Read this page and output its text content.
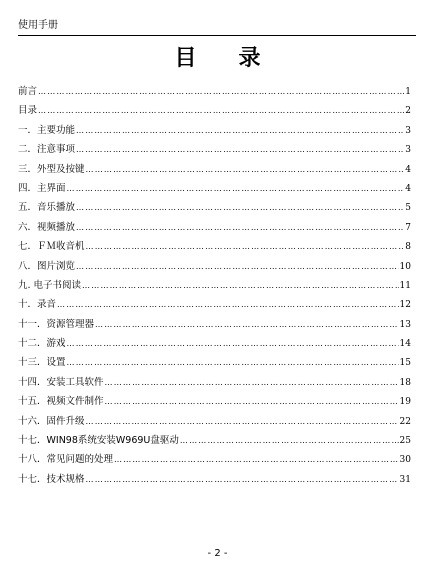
使用手册
目录
前言 ………………………………………………………………………………………………………………………………………………………………	1
目录 ………………………………………………………………………………………………………………………………………………………………	2
一．主要功能 ………………………………………………………………………………………………………………………………………………………………	3
二．注意事项 ………………………………………………………………………………………………………………………………………………………………	3
三．外型及按键 ………………………………………………………………………………………………………………………………………………………………	4
四．主界面 ………………………………………………………………………………………………………………………………………………………………	4
五．音乐播放 ………………………………………………………………………………………………………………………………………………………………	5
六．视频播放 ………………………………………………………………………………………………………………………………………………………………	7
七．ＦＭ收音机 ………………………………………………………………………………………………………………………………………………………………	8
八．图片浏览 ………………………………………………………………………………………………………………………………………………………………	10
九. 电子书阅读 ………………………………………………………………………………………………………………………………………………………………	11
十．录音 ………………………………………………………………………………………………………………………………………………………………	12
十一．资源管理器 ………………………………………………………………………………………………………………………………………………………………	13
十二．游戏 ………………………………………………………………………………………………………………………………………………………………	14
十三．设置 ………………………………………………………………………………………………………………………………………………………………	15
十四．安装工具软件 ………………………………………………………………………………………………………………………………………………………………	18
十五．视频文件制作 ………………………………………………………………………………………………………………………………………………………………	19
十六．固件升级 ………………………………………………………………………………………………………………………………………………………………	22
十七．WIN98系统安装W969U盘驱动 ………………………………………………………………………………………………………………………………………………………………	25
十八．常见问题的处理 ………………………………………………………………………………………………………………………………………………………………	30
十七．技术规格 ………………………………………………………………………………………………………………………………………………………………	31
- 2 -
